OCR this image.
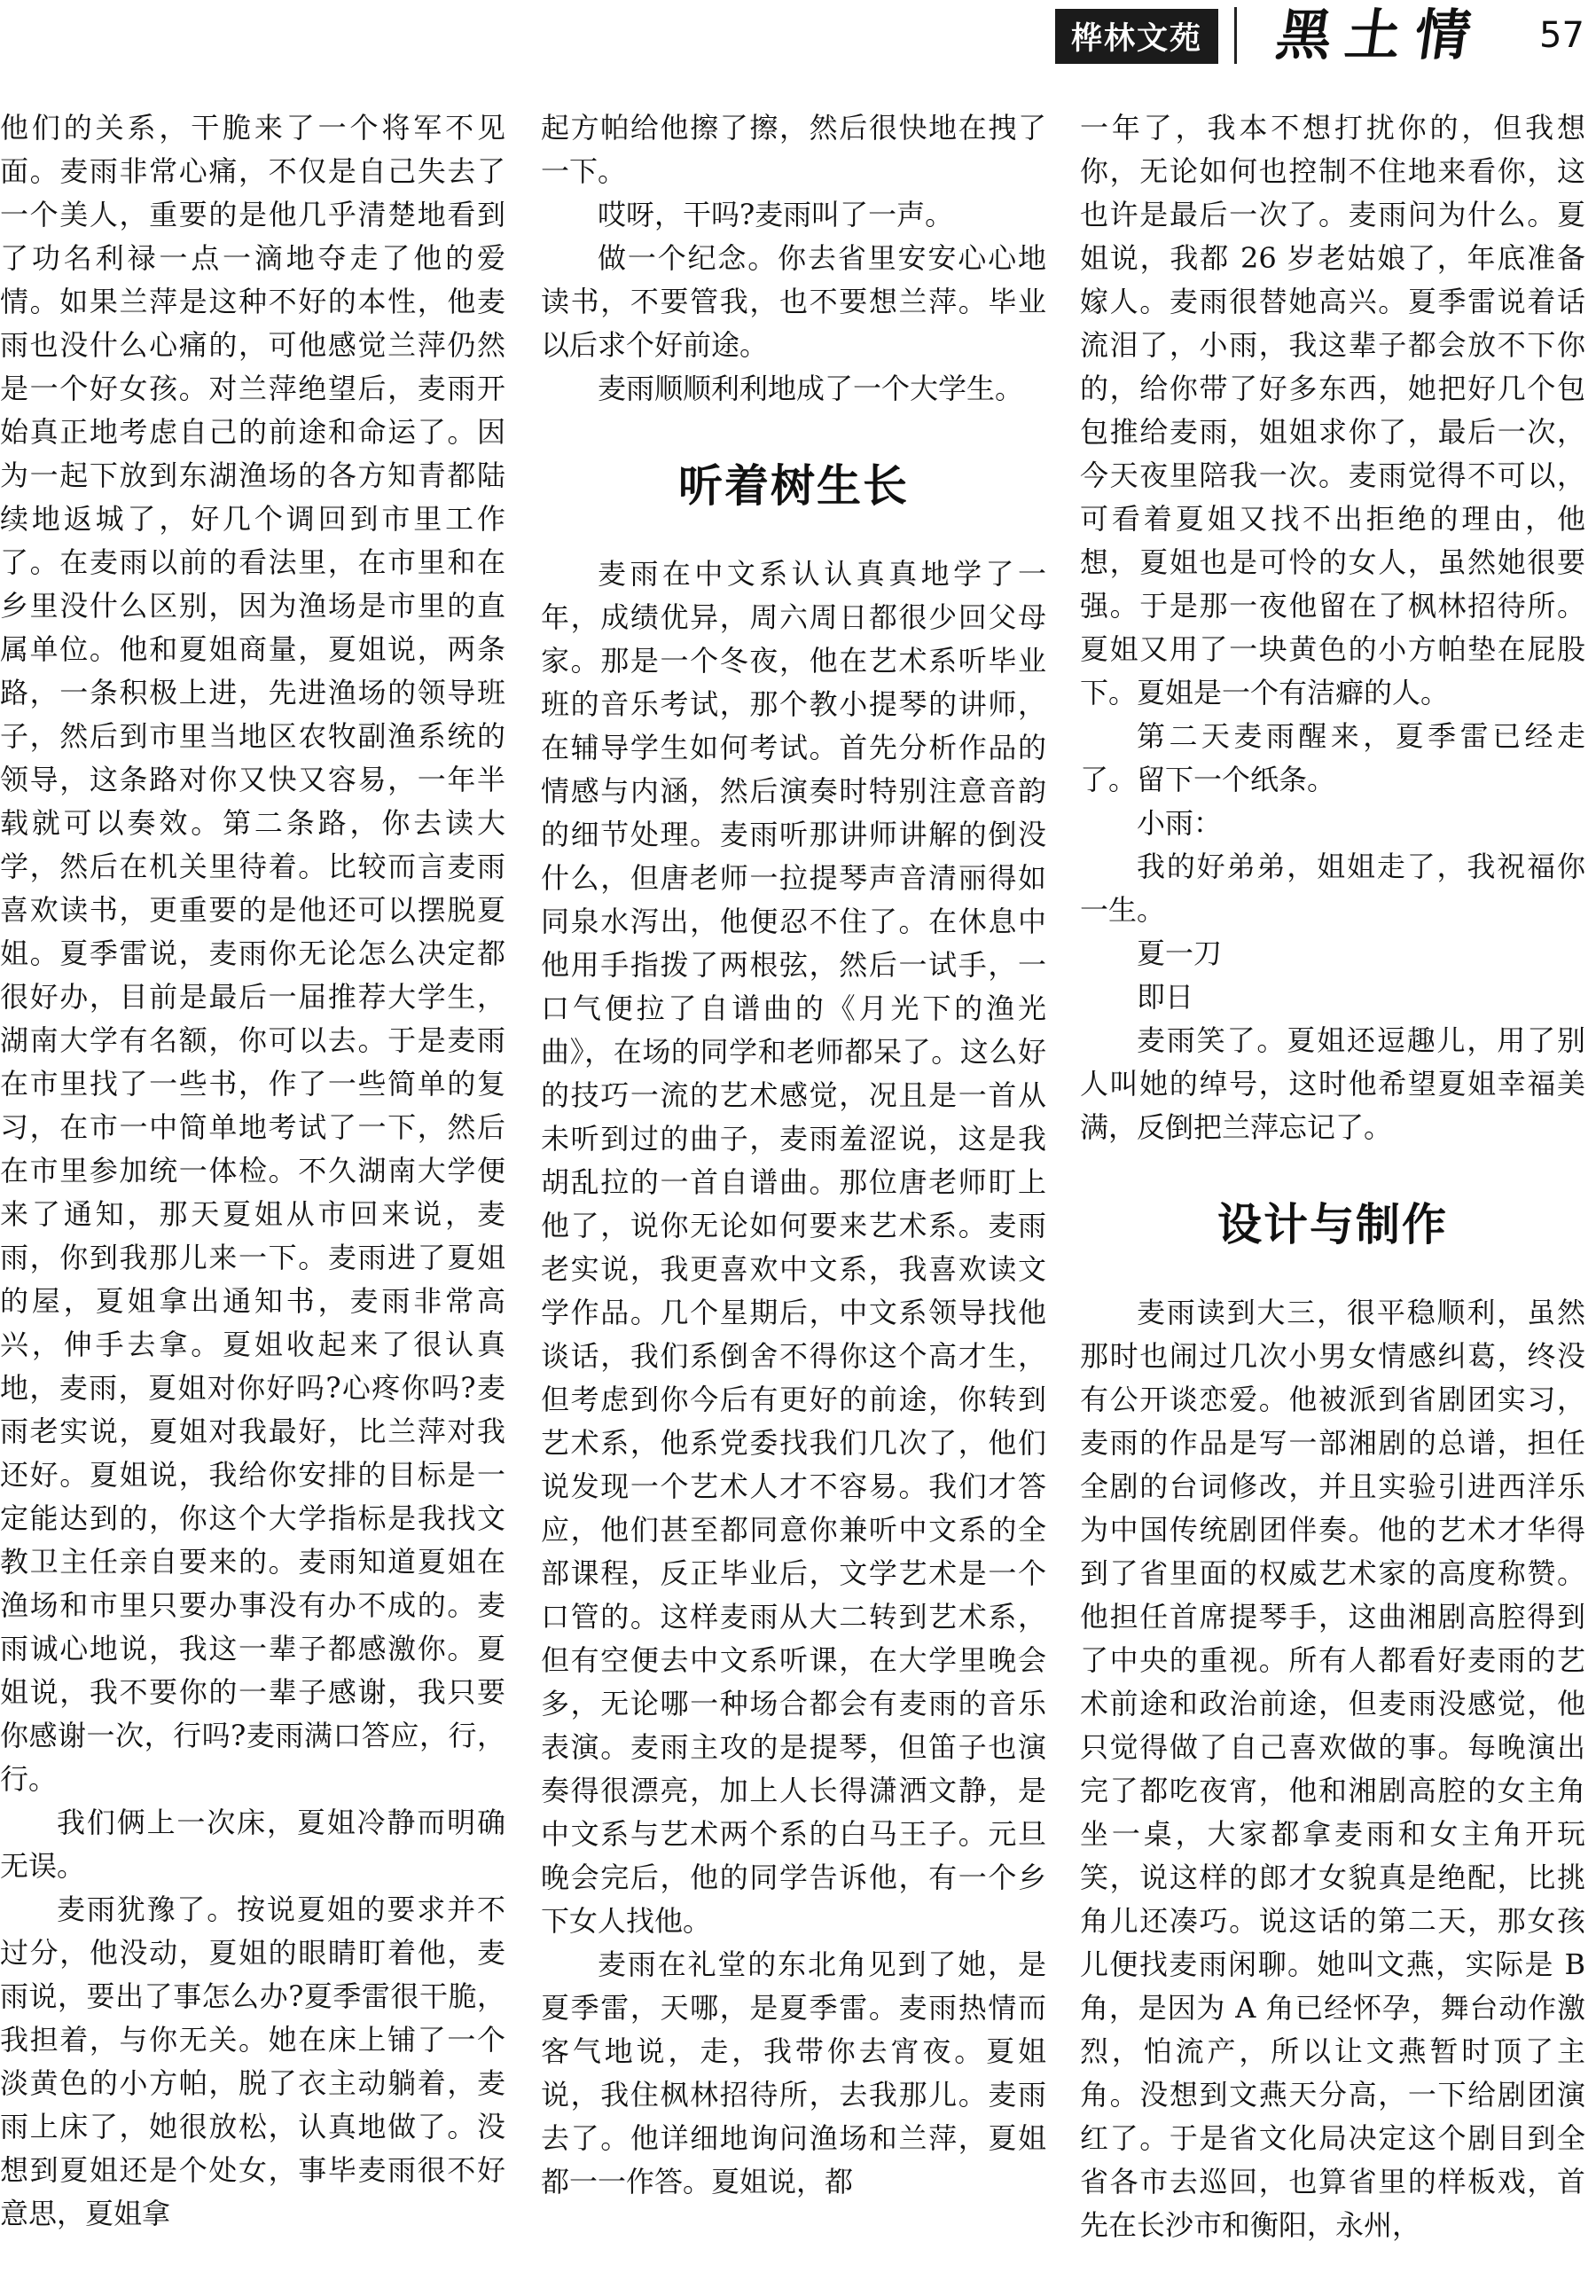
桦林文苑 黑土情 57

他们的关系，干脆来了一个将军不见面。麦雨非常心痛，不仅是自己失去了一个美人，重要的是他几乎清楚地看到了功名利禄一点一滴地夺走了他的爱情。如果兰萍是这种不好的本性，他麦雨也没什么心痛的，可他感觉兰萍仍然是一个好女孩。对兰萍绝望后，麦雨开始真正地考虑自己的前途和命运了。因为一起下放到东湖渔场的各方知青都陆续地返城了，好几个调回到市里工作了。在麦雨以前的看法里，在市里和在乡里没什么区别，因为渔场是市里的直属单位。他和夏姐商量，夏姐说，两条路，一条积极上进，先进渔场的领导班子，然后到市里当地区农牧副渔系统的领导，这条路对你又快又容易，一年半载就可以奏效。第二条路，你去读大学，然后在机关里待着。比较而言麦雨喜欢读书，更重要的是他还可以摆脱夏姐。夏季雷说，麦雨你无论怎么决定都很好办，目前是最后一届推荐大学生，湖南大学有名额，你可以去。于是麦雨在市里找了一些书，作了一些简单的复习，在市一中简单地考试了一下，然后在市里参加统一体检。不久湖南大学便来了通知，那天夏姐从市回来说，麦雨，你到我那儿来一下。麦雨进了夏姐的屋，夏姐拿出通知书，麦雨非常高兴，伸手去拿。夏姐收起来了很认真地，麦雨，夏姐对你好吗?心疼你吗?麦雨老实说，夏姐对我最好，比兰萍对我还好。夏姐说，我给你安排的目标是一定能达到的，你这个大学指标是我找文教卫主任亲自要来的。麦雨知道夏姐在渔场和市里只要办事没有办不成的。麦雨诚心地说，我这一辈子都感激你。夏姐说，我不要你的一辈子感谢，我只要你感谢一次，行吗?麦雨满口答应，行，行。

我们俩上一次床，夏姐冷静而明确无误。

麦雨犹豫了。按说夏姐的要求并不过分，他没动，夏姐的眼睛盯着他，麦雨说，要出了事怎么办?夏季雷很干脆，我担着，与你无关。她在床上铺了一个淡黄色的小方帕，脱了衣主动躺着，麦雨上床了，她很放松，认真地做了。没想到夏姐还是个处女，事毕麦雨很不好意思，夏姐拿

起方帕给他擦了擦，然后很快地在拽了一下。

哎呀，干吗?麦雨叫了一声。

做一个纪念。你去省里安安心心地读书，不要管我，也不要想兰萍。毕业以后求个好前途。

麦雨顺顺利利地成了一个大学生。

听着树生长

麦雨在中文系认认真真地学了一年，成绩优异，周六周日都很少回父母家。那是一个冬夜，他在艺术系听毕业班的音乐考试，那个教小提琴的讲师，在辅导学生如何考试。首先分析作品的情感与内涵，然后演奏时特别注意音韵的细节处理。麦雨听那讲师讲解的倒没什么，但唐老师一拉提琴声音清丽得如同泉水泻出，他便忍不住了。在休息中他用手指拨了两根弦，然后一试手，一口气便拉了自谱曲的《月光下的渔光曲》，在场的同学和老师都呆了。这么好的技巧一流的艺术感觉，况且是一首从未听到过的曲子，麦雨羞涩说，这是我胡乱拉的一首自谱曲。那位唐老师盯上他了，说你无论如何要来艺术系。麦雨老实说，我更喜欢中文系，我喜欢读文学作品。几个星期后，中文系领导找他谈话，我们系倒舍不得你这个高才生，但考虑到你今后有更好的前途，你转到艺术系，他系党委找我们几次了，他们说发现一个艺术人才不容易。我们才答应，他们甚至都同意你兼听中文系的全部课程，反正毕业后，文学艺术是一个口管的。这样麦雨从大二转到艺术系，但有空便去中文系听课，在大学里晚会多，无论哪一种场合都会有麦雨的音乐表演。麦雨主攻的是提琴，但笛子也演奏得很漂亮，加上人长得潇洒文静，是中文系与艺术两个系的白马王子。元旦晚会完后，他的同学告诉他，有一个乡下女人找他。

麦雨在礼堂的东北角见到了她，是夏季雷，天哪，是夏季雷。麦雨热情而客气地说，走，我带你去宵夜。夏姐说，我住枫林招待所，去我那儿。麦雨去了。他详细地询问渔场和兰萍，夏姐都一一作答。夏姐说，都

一年了，我本不想打扰你的，但我想你，无论如何也控制不住地来看你，这也许是最后一次了。麦雨问为什么。夏姐说，我都 26 岁老姑娘了，年底准备嫁人。麦雨很替她高兴。夏季雷说着话流泪了，小雨，我这辈子都会放不下你的，给你带了好多东西，她把好几个包包推给麦雨，姐姐求你了，最后一次，今天夜里陪我一次。麦雨觉得不可以，可看着夏姐又找不出拒绝的理由，他想，夏姐也是可怜的女人，虽然她很要强。于是那一夜他留在了枫林招待所。夏姐又用了一块黄色的小方帕垫在屁股下。夏姐是一个有洁癖的人。

第二天麦雨醒来，夏季雷已经走了。留下一个纸条。

小雨：

我的好弟弟，姐姐走了，我祝福你一生。

夏一刀

即日

麦雨笑了。夏姐还逗趣儿，用了别人叫她的绰号，这时他希望夏姐幸福美满，反倒把兰萍忘记了。

设计与制作

麦雨读到大三，很平稳顺利，虽然那时也闹过几次小男女情感纠葛，终没有公开谈恋爱。他被派到省剧团实习，麦雨的作品是写一部湘剧的总谱，担任全剧的台词修改，并且实验引进西洋乐为中国传统剧团伴奏。他的艺术才华得到了省里面的权威艺术家的高度称赞。他担任首席提琴手，这曲湘剧高腔得到了中央的重视。所有人都看好麦雨的艺术前途和政治前途，但麦雨没感觉，他只觉得做了自己喜欢做的事。每晚演出完了都吃夜宵，他和湘剧高腔的女主角坐一桌，大家都拿麦雨和女主角开玩笑，说这样的郎才女貌真是绝配，比挑角儿还凑巧。说这话的第二天，那女孩儿便找麦雨闲聊。她叫文燕，实际是 B 角，是因为 A 角已经怀孕，舞台动作激烈，怕流产，所以让文燕暂时顶了主角。没想到文燕天分高，一下给剧团演红了。于是省文化局决定这个剧目到全省各市去巡回，也算省里的样板戏，首先在长沙市和衡阳，永州，
